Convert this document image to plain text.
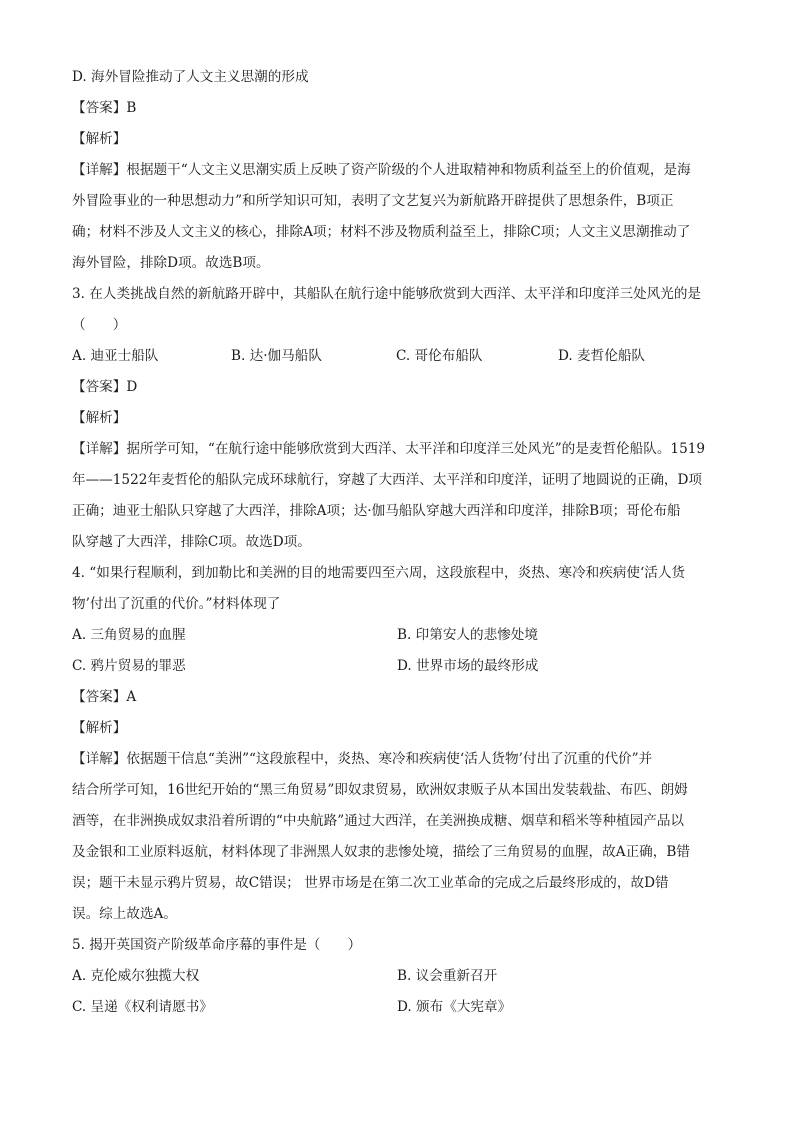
D. 海外冒险推动了人文主义思潮的形成
【答案】B
【解析】
【详解】根据题干“人文主义思潮实质上反映了资产阶级的个人进取精神和物质利益至上的价值观，是海
外冒险事业的一种思想动力”和所学知识可知，表明了文艺复兴为新航路开辟提供了思想条件，B项正
确；材料不涉及人文主义的核心，排除A项；材料不涉及物质利益至上，排除C项；人文主义思潮推动了
海外冒险，排除D项。故选B项。
3. 在人类挑战自然的新航路开辟中，其船队在航行途中能够欣赏到大西洋、太平洋和印度洋三处风光的是
（　　）
A. 迪亚士船队	B. 达·伽马船队	C. 哥伦布船队	D. 麦哲伦船队
【答案】D
【解析】
【详解】据所学可知，“在航行途中能够欣赏到大西洋、太平洋和印度洋三处风光”的是麦哲伦船队。1519
年——1522年麦哲伦的船队完成环球航行，穿越了大西洋、太平洋和印度洋，证明了地圆说的正确，D项
正确；迪亚士船队只穿越了大西洋，排除A项；达·伽马船队穿越大西洋和印度洋，排除B项；哥伦布船
队穿越了大西洋，排除C项。故选D项。
4. “如果行程顺利，到加勒比和美洲的目的地需要四至六周，这段旅程中，炎热、寒冷和疾病使‘活人货
物’付出了沉重的代价。”材料体现了
A. 三角贸易的血腥	B. 印第安人的悲惨处境
C. 鸦片贸易的罪恶	D. 世界市场的最终形成
【答案】A
【解析】
【详解】依据题干信息“美洲”“这段旅程中，炎热、寒冷和疾病使‘活人货物’付出了沉重的代价”并
结合所学可知，16世纪开始的“黑三角贸易”即奴隶贸易，欧洲奴隶贩子从本国出发装载盐、布匹、朗姆
酒等，在非洲换成奴隶沿着所谓的“中央航路”通过大西洋，在美洲换成糖、烟草和稻米等种植园产品以
及金银和工业原料返航，材料体现了非洲黑人奴隶的悲惨处境，描绘了三角贸易的血腥，故A正确，B错
误；题干未显示鸦片贸易，故C错误； 世界市场是在第二次工业革命的完成之后最终形成的，故D错
误。综上故选A。
5. 揭开英国资产阶级革命序幕的事件是（　　）
A. 克伦威尔独揽大权	B. 议会重新召开
C. 呈递《权利请愿书》	D. 颁布《大宪章》
